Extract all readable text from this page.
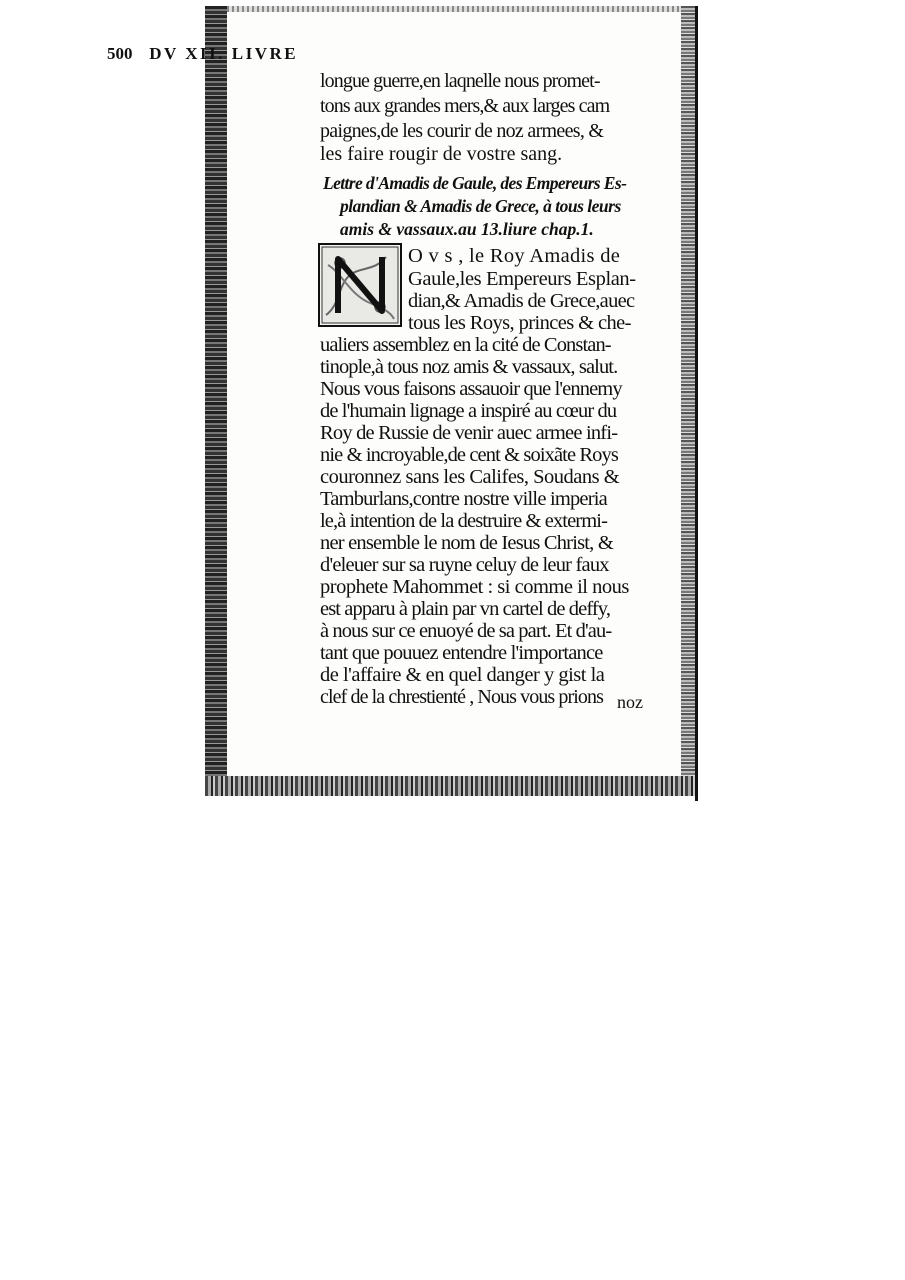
500 DV XII. LIVRE
longue guerre,en laqnelle nous promet-
tons aux grandes mers,& aux larges cam
paignes,de les courir de noz armees, &
les faire rougir de vostre sang.
Lettre d'Amadis de Gaule, des Empereurs Es-
plandian & Amadis de Grece, à tous leurs
amis & vassaux.au 13.liure chap.1.
N
O v s , le Roy Amadis de
Gaule,les Empereurs Esplan-
dian,& Amadis de Grece,auec
tous les Roys, princes & che-
ualiers assemblez en la cité de Constan-
tinople,à tous noz amis & vassaux, salut.
Nous vous faisons assauoir que l'ennemy
de l'humain lignage a inspiré au cœur du
Roy de Russie de venir auec armee infi-
nie & incroyable,de cent & soixãte Roys
couronnez sans les Califes, Soudans &
Tamburlans,contre nostre ville imperia
le,à intention de la destruire & extermi-
ner ensemble le nom de Iesus Christ, &
d'eleuer sur sa ruyne celuy de leur faux
prophete Mahommet : si comme il nous
est apparu à plain par vn cartel de deffy,
à nous sur ce enuoyé de sa part. Et d'au-
tant que pouuez entendre l'importance
de l'affaire & en quel danger y gist la
clef de la chrestienté , Nous vous prions noz
